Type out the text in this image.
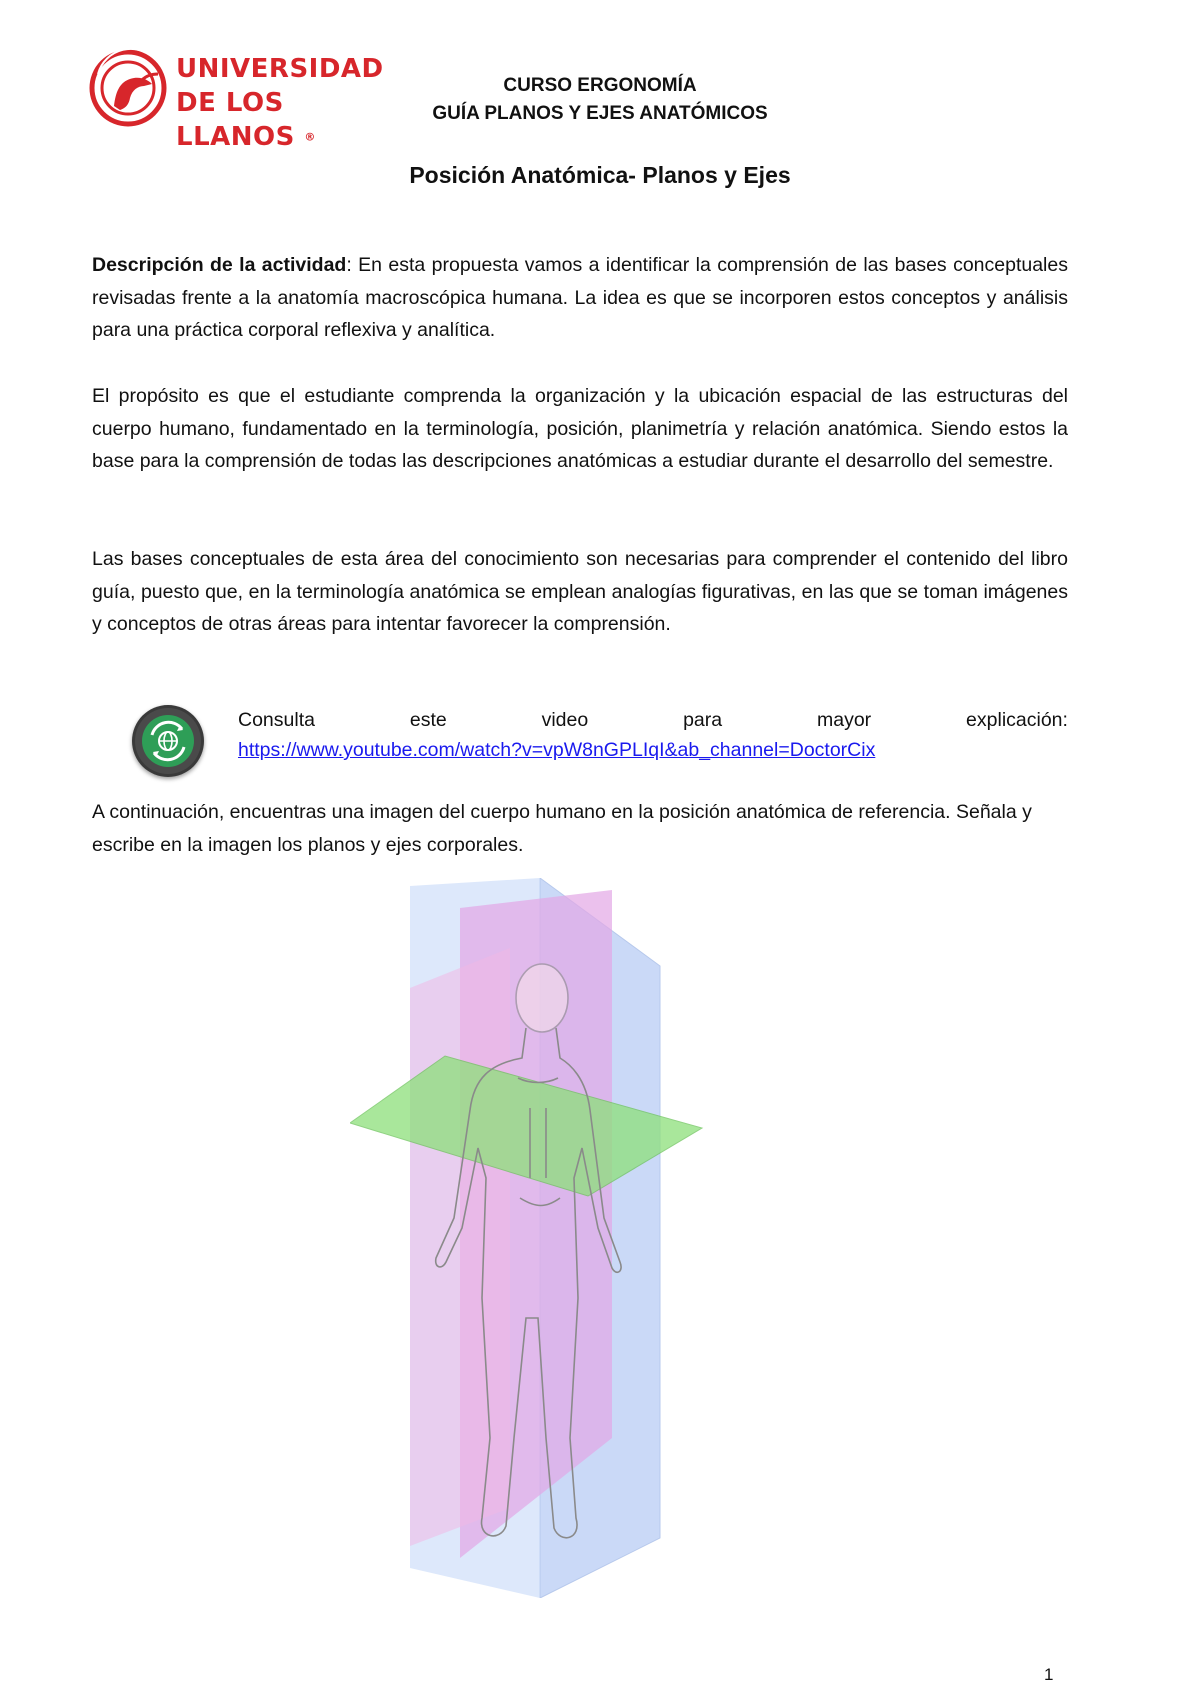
UNIVERSIDAD
DE LOS LLANOS ®
CURSO ERGONOMÍA
GUÍA PLANOS Y EJES ANATÓMICOS
Posición Anatómica- Planos y Ejes
Descripción de la actividad: En esta propuesta vamos a identificar la comprensión de las bases conceptuales revisadas frente a la anatomía macroscópica humana. La idea es que se incorporen estos conceptos y análisis para una práctica corporal reflexiva y analítica.
El propósito es que el estudiante comprenda la organización y la ubicación espacial de las estructuras del cuerpo humano, fundamentado en la terminología, posición, planimetría y relación anatómica. Siendo estos la base para la comprensión de todas las descripciones anatómicas a estudiar durante el desarrollo del semestre.
Las bases conceptuales de esta área del conocimiento son necesarias para comprender el contenido del libro guía, puesto que, en la terminología anatómica se emplean analogías figurativas, en las que se toman imágenes y conceptos de otras áreas para intentar favorecer la comprensión.
Consulta	este	video	para	mayor	explicación:
https://www.youtube.com/watch?v=vpW8nGPLIqI&ab_channel=DoctorCix
A continuación, encuentras una imagen del cuerpo humano en la posición anatómica de referencia. Señala y escribe en la imagen los planos y ejes corporales.
1
